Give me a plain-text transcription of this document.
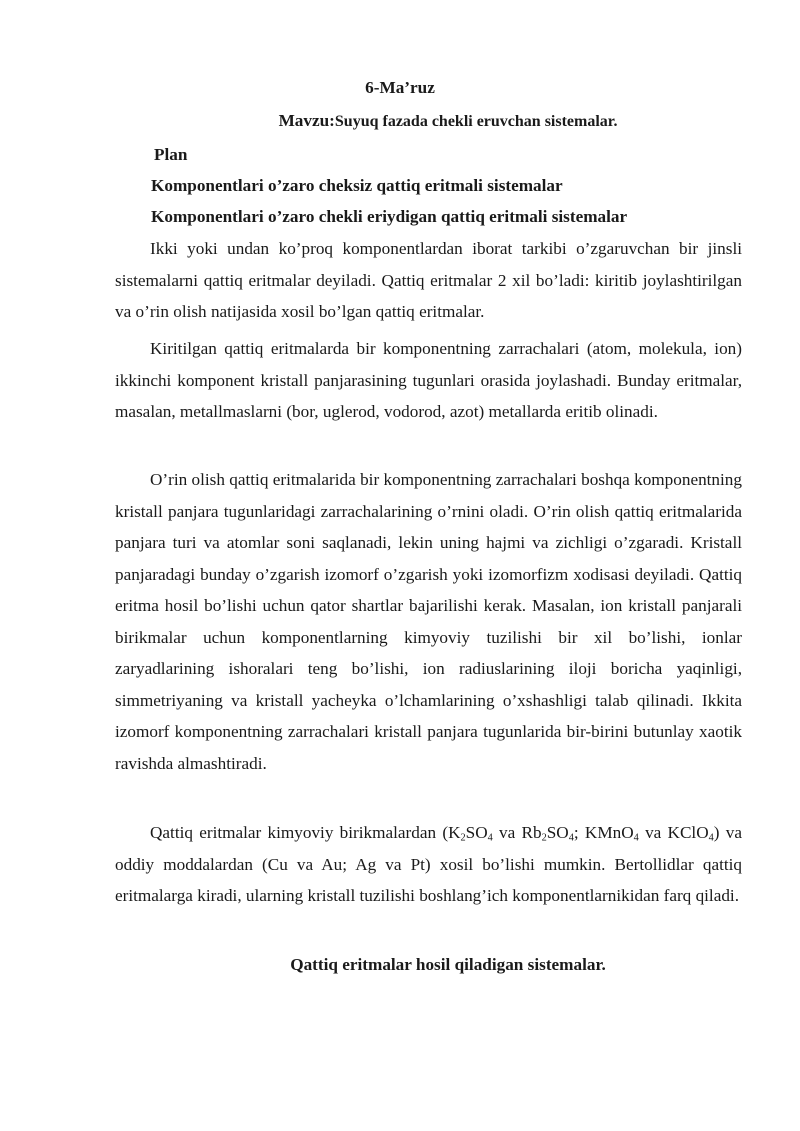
6-Ma’ruz
Mavzu:Suyuq fazada chekli eruvchan sistemalar.
Plan
Komponentlari o’zaro cheksiz qattiq eritmali sistemalar
Komponentlari o’zaro chekli eriydigan qattiq eritmali sistemalar

Ikki yoki undan ko’proq komponentlardan iborat tarkibi o’zgaruvchan bir jinsli sistemalarni qattiq eritmalar deyiladi. Qattiq eritmalar 2 xil bo’ladi: kiritib joylashtirilgan va o’rin olish natijasida xosil bo’lgan qattiq eritmalar.

Kiritilgan qattiq eritmalarda bir komponentning zarrachalari (atom, molekula, ion) ikkinchi komponent kristall panjarasining tugunlari orasida joylashadi. Bunday eritmalar, masalan, metallmaslarni (bor, uglerod, vodorod, azot) metallarda eritib olinadi.

O’rin olish qattiq eritmalarida bir komponentning zarrachalari boshqa komponentning kristall panjara tugunlaridagi zarrachalarining o’rnini oladi. O’rin olish qattiq eritmalarida panjara turi va atomlar soni saqlanadi, lekin uning hajmi va zichligi o’zgaradi. Kristall panjaradagi bunday o’zgarish izomorf o’zgarish yoki izomorfizm xodisasi deyiladi. Qattiq eritma hosil bo’lishi uchun qator shartlar bajarilishi kerak. Masalan, ion kristall panjarali birikmalar uchun komponentlarning kimyoviy tuzilishi bir xil bo’lishi, ionlar zaryadlarining ishoralari teng bo’lishi, ion radiuslarining iloji boricha yaqinligi, simmetriyaning va kristall yacheyka o’lchamlarining o’xshashligi talab qilinadi. Ikkita izomorf komponentning zarrachalari kristall panjara tugunlarida bir-birini butunlay xaotik ravishda almashtiradi.

Qattiq eritmalar kimyoviy birikmalardan ($K_2SO_4$ va $Rb_2SO_4$; KMnO$_4$ va KClO$_4$) va oddiy moddalardan (Cu va Au; Ag va Pt) xosil bo’lishi mumkin. Bertollidlar qattiq eritmalarga kiradi, ularning kristall tuzilishi boshlang’ich komponentlarnikidan farq qiladi.

Qattiq eritmalar hosil qiladigan sistemalar.
